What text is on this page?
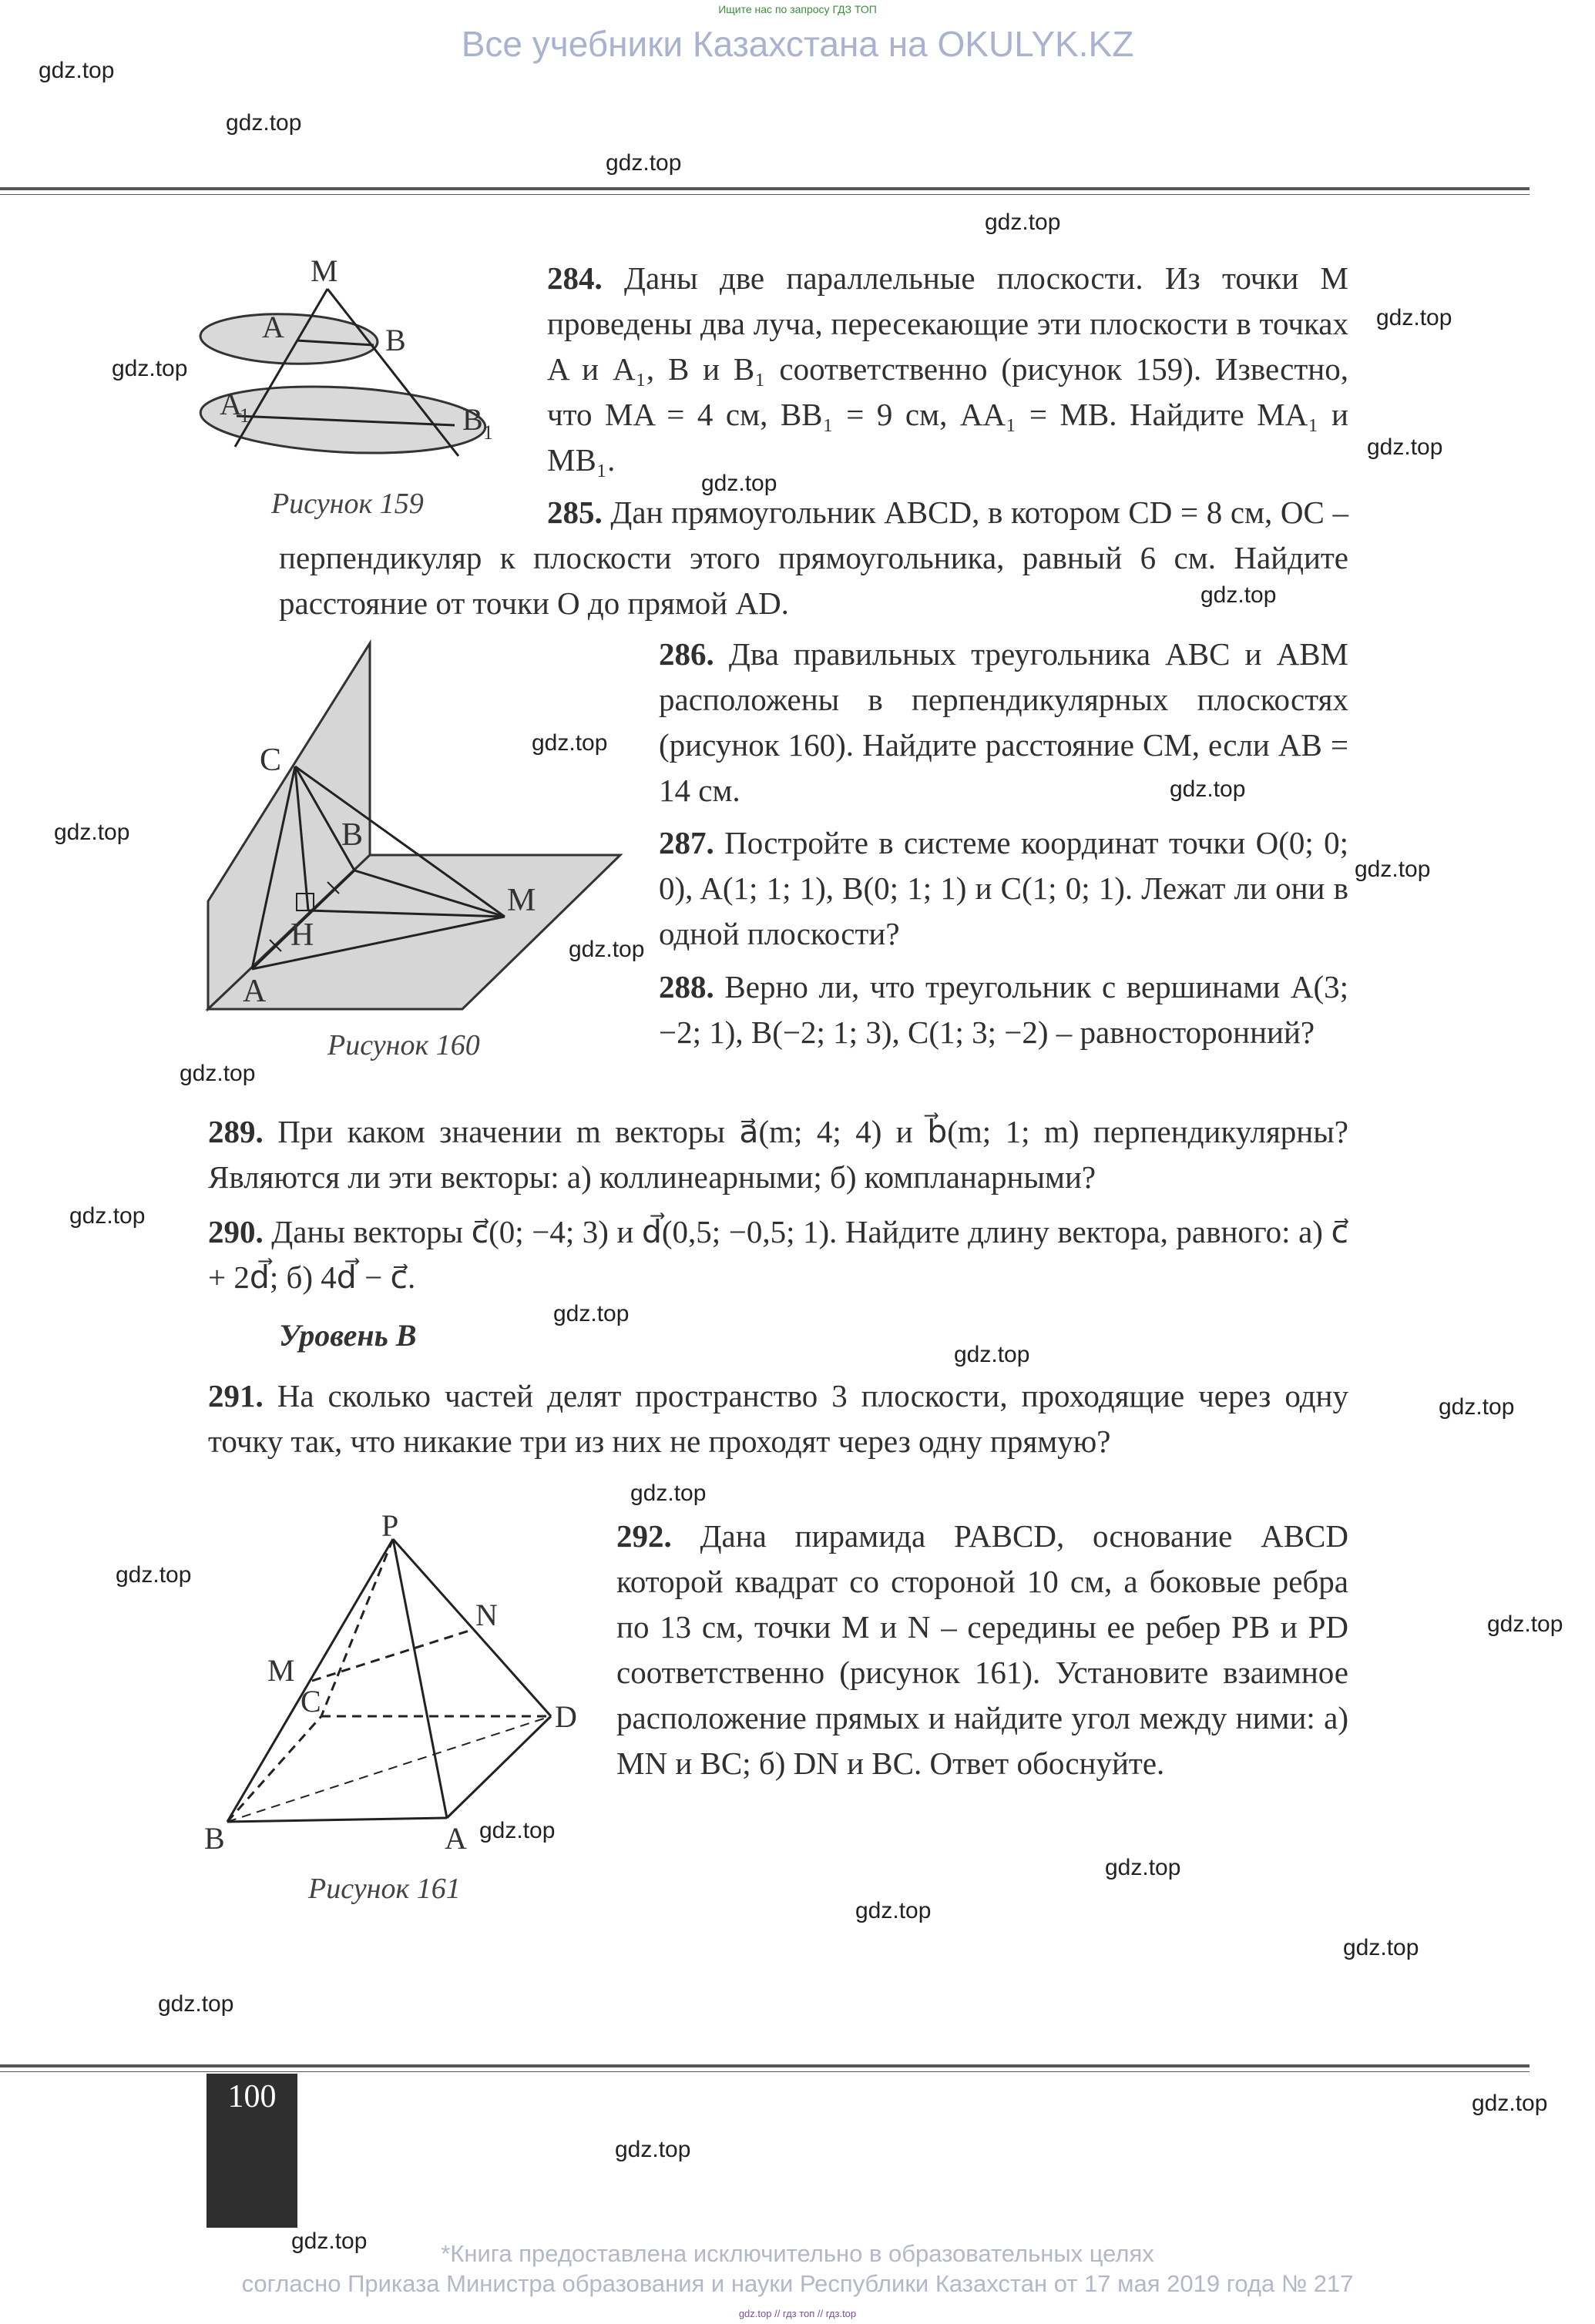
Ищите нас по запросу ГДЗ ТОП
Все учебники Казахстана на OKULYK.KZ
M
A	B
A
1	B 1
Рисунок 159
284. Даны две параллельные плоскости. Из точки M проведены два луча, пересекающие эти плоскости в точках A и A₁, B и B₁ соответственно (рисунок 159). Известно, что MA = 4 см, BB₁ = 9 см, AA₁ = MB. Найдите MA₁ и MB₁.
285. Дан прямоугольник ABCD, в котором CD = 8 см, OC – перпендикуляр к плоскости этого прямоугольника, равный 6 см. Найдите расстояние от точки O до прямой AD.
C
B
H
A
M
Рисунок 160
286. Два правильных треугольника ABC и ABM расположены в перпендикулярных плоскостях (рисунок 160). Найдите расстояние CM, если AB = 14 см.
287. Постройте в системе координат точки O(0; 0; 0), A(1; 1; 1), B(0; 1; 1) и C(1; 0; 1). Лежат ли они в одной плоскости?
288. Верно ли, что треугольник с вершинами A(3; −2; 1), B(−2; 1; 3), C(1; 3; −2) – равносторонний?
289. При каком значении m векторы a⃗(m; 4; 4) и b⃗(m; 1; m) перпендикулярны? Являются ли эти векторы: а) коллинеарными; б) компланарными?
290. Даны векторы c⃗(0; −4; 3) и d⃗(0,5; −0,5; 1). Найдите длину вектора, равного: а) c⃗ + 2d⃗; б) 4d⃗ − c⃗.
Уровень B
291. На сколько частей делят пространство 3 плоскости, проходящие через одну точку так, что никакие три из них не проходят через одну прямую?
P
N
M
C	D
B	A
Рисунок 161
292. Дана пирамида PABCD, основание ABCD которой квадрат со стороной 10 см, а боковые ребра по 13 см, точки M и N – середины ее ребер PB и PD соответственно (рисунок 161). Установите взаимное расположение прямых и найдите угол между ними: а) MN и BC; б) DN и BC. Ответ обоснуйте.
100
*Книга предоставлена исключительно в образовательных целях
согласно Приказа Министра образования и науки Республики Казахстан от 17 мая 2019 года № 217
gdz.top // гдз топ // гдз.top
gdz.top
gdz.top
gdz.top
gdz.top
gdz.top
gdz.top
gdz.top
gdz.top
gdz.top
gdz.top
gdz.top
gdz.top
gdz.top
gdz.top
gdz.top
gdz.top
gdz.top
gdz.top
gdz.top
gdz.top
gdz.top
gdz.top
gdz.top
gdz.top
gdz.top
gdz.top
gdz.top
gdz.top
gdz.top
gdz.top
